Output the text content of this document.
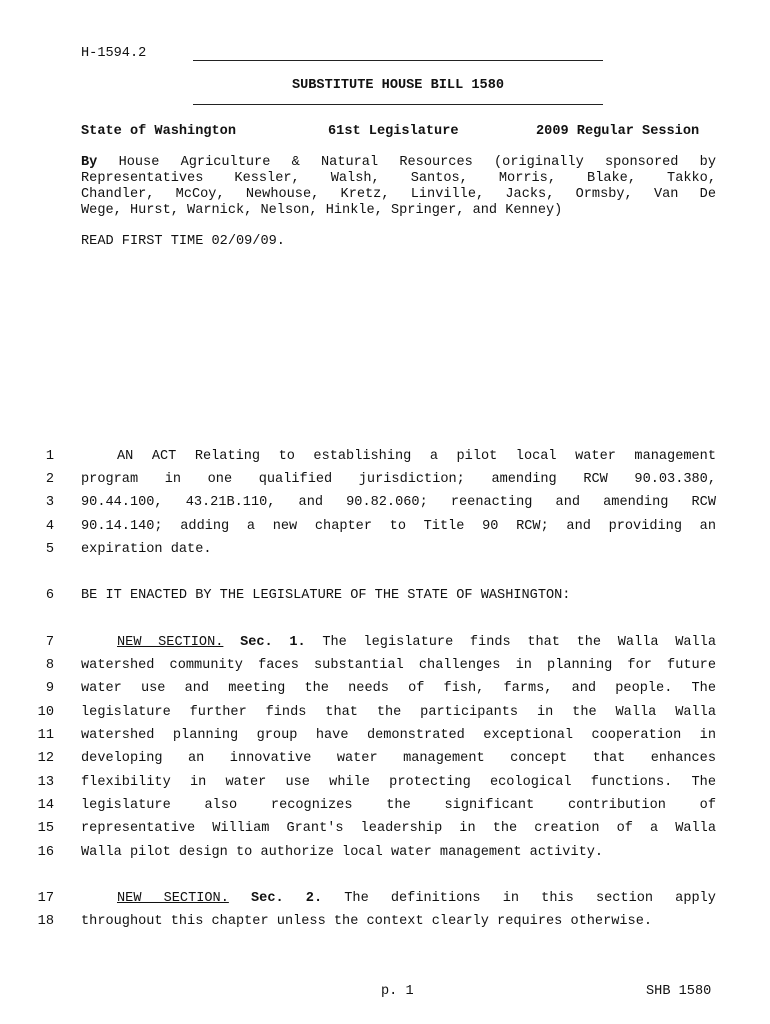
H-1594.2
SUBSTITUTE HOUSE BILL 1580
State of Washington	61st Legislature	2009 Regular Session
By House Agriculture & Natural Resources (originally sponsored by
Representatives Kessler, Walsh, Santos, Morris, Blake, Takko,
Chandler, McCoy, Newhouse, Kretz, Linville, Jacks, Ormsby, Van De
Wege, Hurst, Warnick, Nelson, Hinkle, Springer, and Kenney)
READ FIRST TIME 02/09/09.
1
2
3
4
5
6
7
8
9
10
11
12
13
14
15
16
17
18
AN ACT Relating to establishing a pilot local water management
program in one qualified jurisdiction; amending RCW 90.03.380,
90.44.100, 43.21B.110, and 90.82.060; reenacting and amending RCW
90.14.140; adding a new chapter to Title 90 RCW; and providing an
expiration date.
BE IT ENACTED BY THE LEGISLATURE OF THE STATE OF WASHINGTON:
NEW SECTION. Sec. 1. The legislature finds that the Walla Walla
watershed community faces substantial challenges in planning for future
water use and meeting the needs of fish, farms, and people. The
legislature further finds that the participants in the Walla Walla
watershed planning group have demonstrated exceptional cooperation in
developing an innovative water management concept that enhances
flexibility in water use while protecting ecological functions. The
legislature also recognizes the significant contribution of
representative William Grant's leadership in the creation of a Walla
Walla pilot design to authorize local water management activity.
NEW SECTION. Sec. 2. The definitions in this section apply
throughout this chapter unless the context clearly requires otherwise.
p. 1	SHB 1580
